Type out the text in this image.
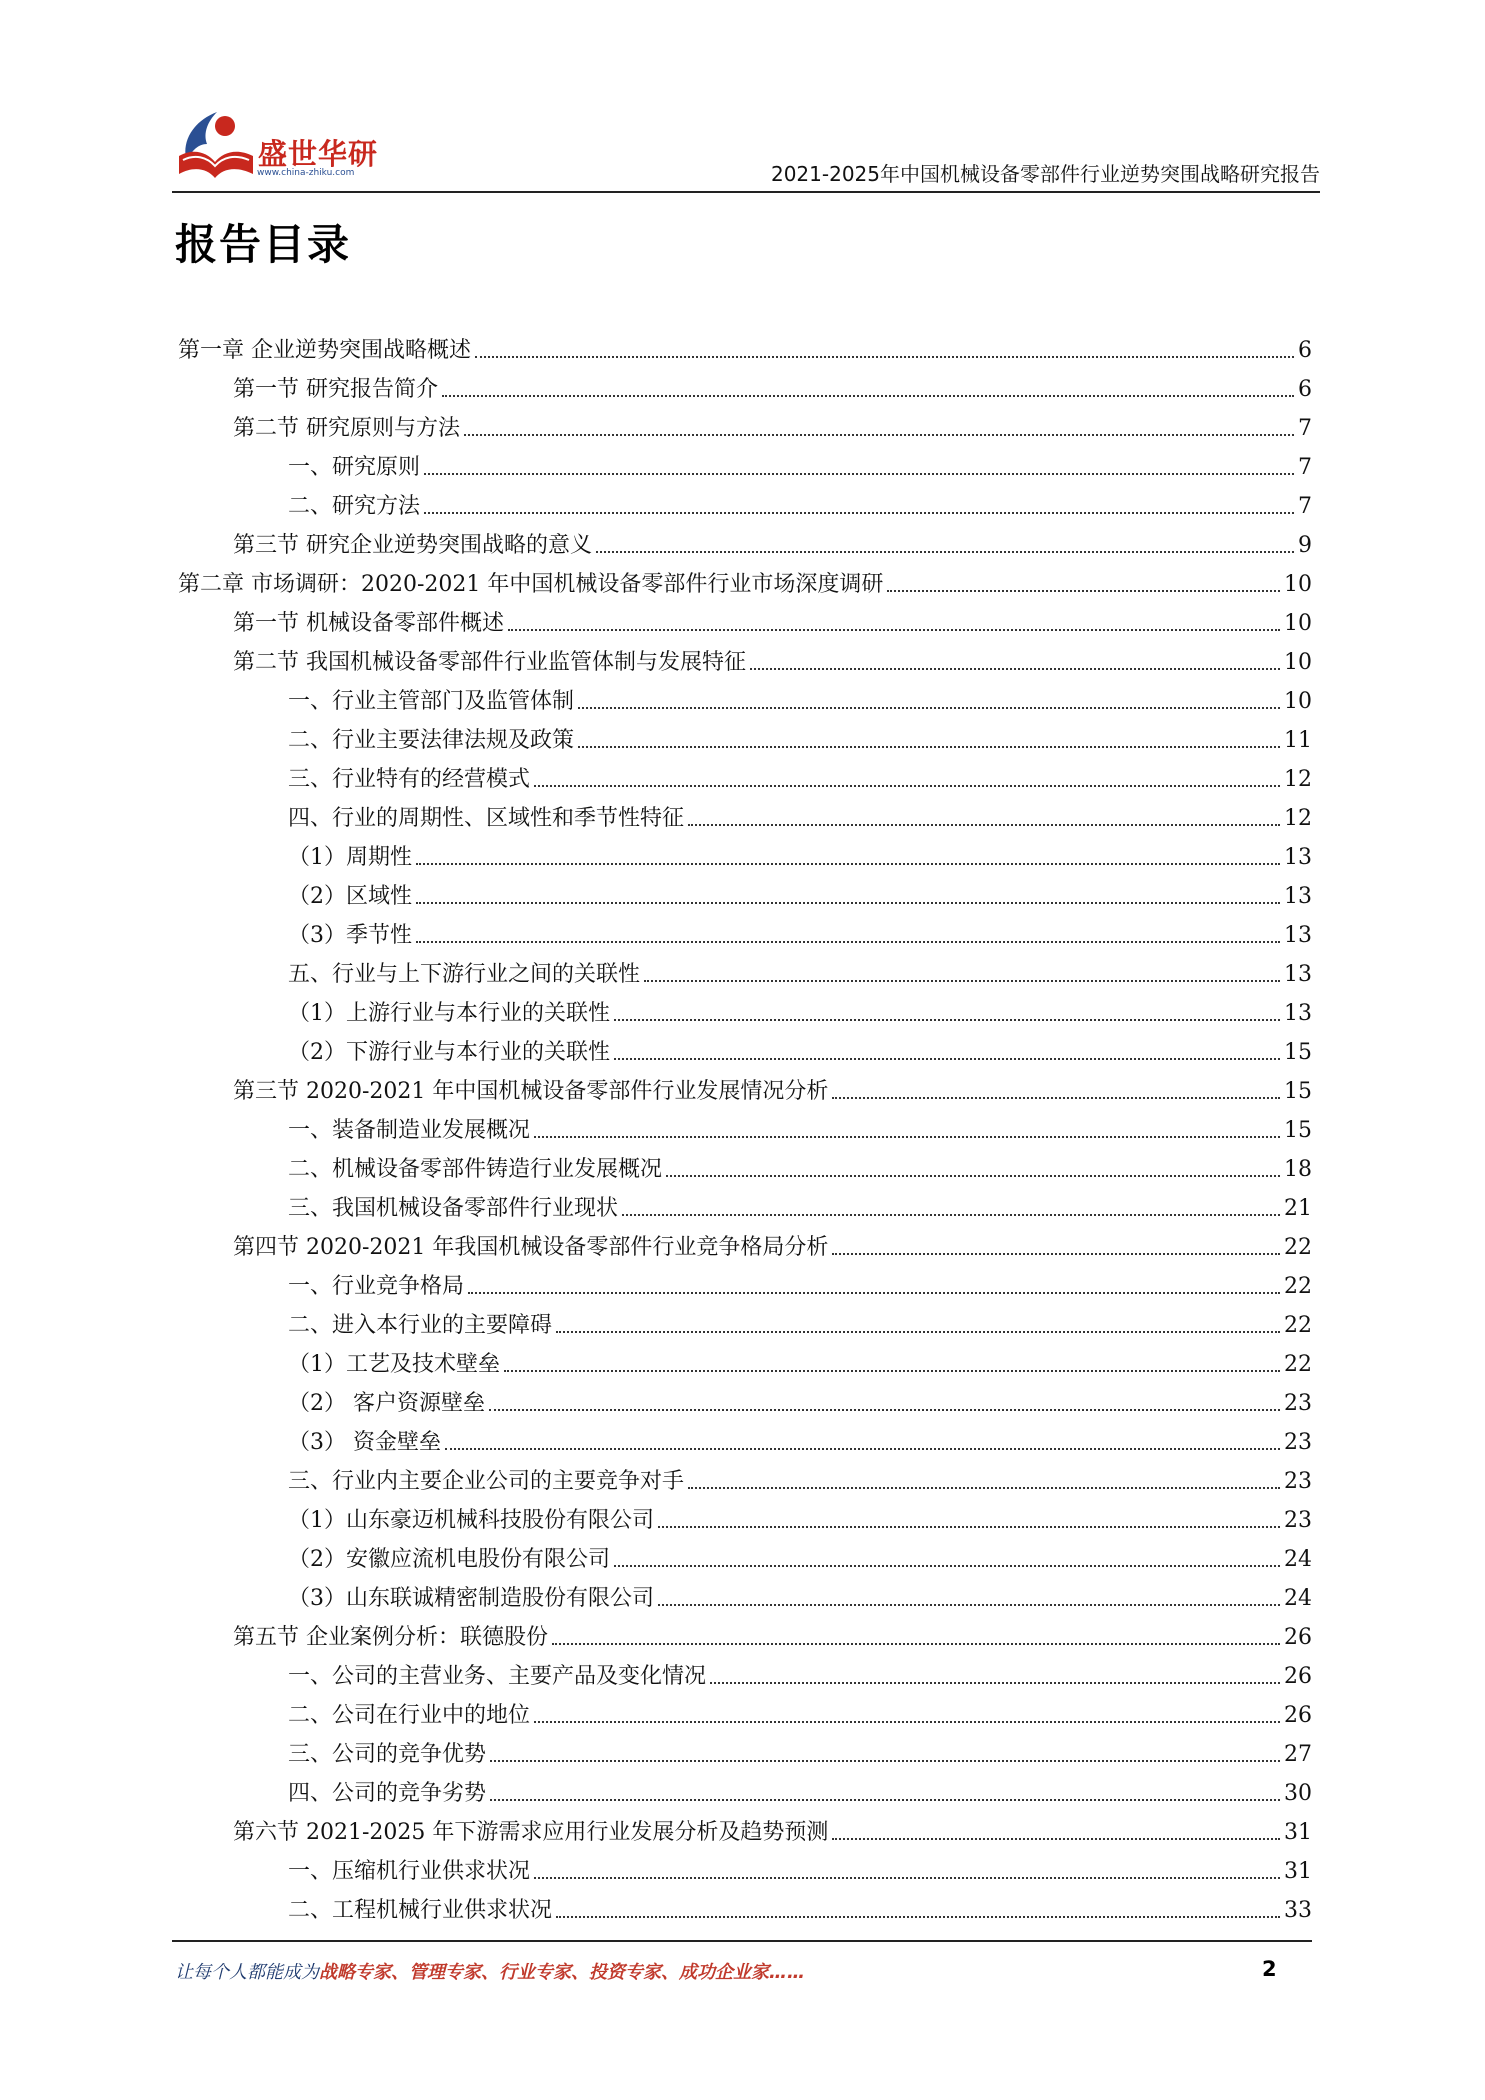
盛世华研
www.china-zhiku.com	2021-2025年中国机械设备零部件行业逆势突围战略研究报告
报告目录
第一章 企业逆势突围战略概述	6
第一节 研究报告简介	6
第二节 研究原则与方法	7
一、研究原则	7
二、研究方法	7
第三节 研究企业逆势突围战略的意义	9
第二章 市场调研：2020-2021 年中国机械设备零部件行业市场深度调研	10
第一节 机械设备零部件概述	10
第二节 我国机械设备零部件行业监管体制与发展特征	10
一、行业主管部门及监管体制	10
二、行业主要法律法规及政策	11
三、行业特有的经营模式	12
四、行业的周期性、区域性和季节性特征	12
（1）周期性	13
（2）区域性	13
（3）季节性	13
五、行业与上下游行业之间的关联性	13
（1）上游行业与本行业的关联性	13
（2）下游行业与本行业的关联性	15
第三节 2020-2021 年中国机械设备零部件行业发展情况分析	15
一、装备制造业发展概况	15
二、机械设备零部件铸造行业发展概况	18
三、我国机械设备零部件行业现状	21
第四节 2020-2021 年我国机械设备零部件行业竞争格局分析	22
一、行业竞争格局	22
二、进入本行业的主要障碍	22
（1）工艺及技术壁垒	22
（2） 客户资源壁垒	23
（3） 资金壁垒	23
三、行业内主要企业公司的主要竞争对手	23
（1）山东豪迈机械科技股份有限公司	23
（2）安徽应流机电股份有限公司	24
（3）山东联诚精密制造股份有限公司	24
第五节 企业案例分析：联德股份	26
一、公司的主营业务、主要产品及变化情况	26
二、公司在行业中的地位	26
三、公司的竞争优势	27
四、公司的竞争劣势	30
第六节 2021-2025 年下游需求应用行业发展分析及趋势预测	31
一、压缩机行业供求状况	31
二、工程机械行业供求状况	33
让每个人都能成为战略专家、管理专家、行业专家、投资专家、成功企业家……	2
